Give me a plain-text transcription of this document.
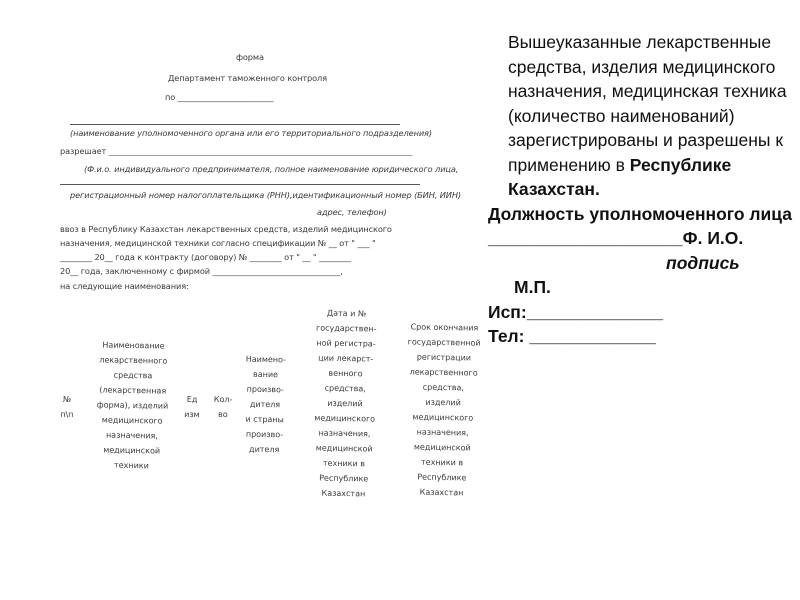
форма
Департамент таможенного контроля
по ________________________
(наименование уполномоченного органа или его территориального подразделения)
разрешает ____________________________________________________________________________
(Ф.и.о. индивидуального предпринимателя, полное наименование юридического лица,
регистрационный номер налогоплательщика (РНН),идентификационный номер (БИН, ИИН)
адрес, телефон)
ввоз в Республику Казахстан лекарственных средств, изделий медицинского
назначения, медицинской техники согласно спецификации № __ от " ___ "
________ 20__ года к контракту (договору) № ________ от " __ " ________
20__ года, заключенному с фирмой ________________________________,
на следующие наименования:
№
п\п
Наименование
лекарственного
средства
(лекарственная
форма), изделий
медицинского
назначения,
медицинской
техники
Ед
изм
Кол-
во
Наимено-
вание
произво-
дителя
и страны
произво-
дителя
Дата и №
государствен-
ной регистра-
ции лекарст-
венного
средства,
изделий
медицинского
назначения,
медицинской
техники в
Республике
Казахстан
Срок окончания
государственной
регистрации
лекарственного
средства,
изделий
медицинского
назначения,
медицинской
техники в
Республике
Казахстан

Вышеуказанные лекарственные средства, изделия медицинского назначения, медицинская техника (количество наименований) зарегистрированы и разрешены к применению в Республике Казахстан.

Должность уполномоченного лица ____________________Ф. И.О.

подпись

М.П.

Исп:______________

Тел: _____________
